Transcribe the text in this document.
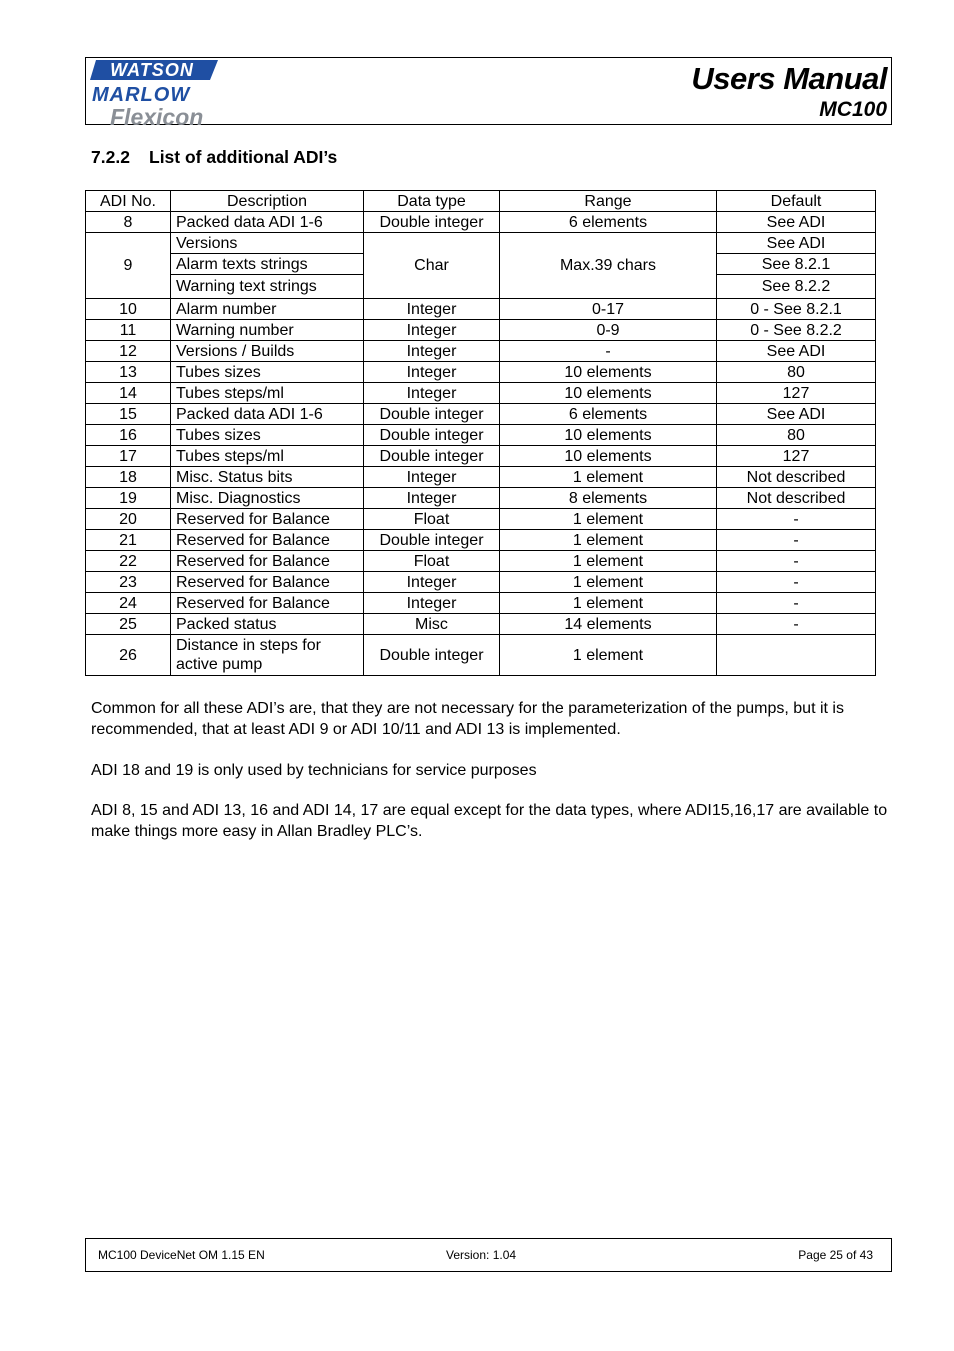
WATSON
MARLOW
Flexicon
Users Manual
MC100
7.2.2 List of additional ADI’s
ADI No.	Description	Data type	Range	Default
8	Packed data ADI 1-6	Double integer	6 elements	See ADI
9	Versions	Char	Max.39 chars	See ADI
	Alarm texts strings			See 8.2.1
	Warning text strings			See 8.2.2
10	Alarm number	Integer	0-17	0 - See 8.2.1
11	Warning number	Integer	0-9	0 - See 8.2.2
12	Versions / Builds	Integer	-	See ADI
13	Tubes sizes	Integer	10 elements	80
14	Tubes steps/ml	Integer	10 elements	127
15	Packed data ADI 1-6	Double integer	6 elements	See ADI
16	Tubes sizes	Double integer	10 elements	80
17	Tubes steps/ml	Double integer	10 elements	127
18	Misc. Status bits	Integer	1 element	Not described
19	Misc. Diagnostics	Integer	8 elements	Not described
20	Reserved for Balance	Float	1 element	-
21	Reserved for Balance	Double integer	1 element	-
22	Reserved for Balance	Float	1 element	-
23	Reserved for Balance	Integer	1 element	-
24	Reserved for Balance	Integer	1 element	-
25	Packed status	Misc	14 elements	-
26	Distance in steps for active pump	Double integer	1 element	
Common for all these ADI’s are, that they are not necessary for the parameterization of the pumps, but it is recommended, that at least ADI 9 or ADI 10/11 and ADI 13 is implemented.
ADI 18 and 19 is only used by technicians for service purposes
ADI 8, 15 and ADI 13, 16 and ADI 14, 17 are equal except for the data types, where ADI15,16,17 are available to make things more easy in Allan Bradley PLC’s.
MC100 DeviceNet OM 1.15 EN	Version: 1.04	Page 25 of 43
